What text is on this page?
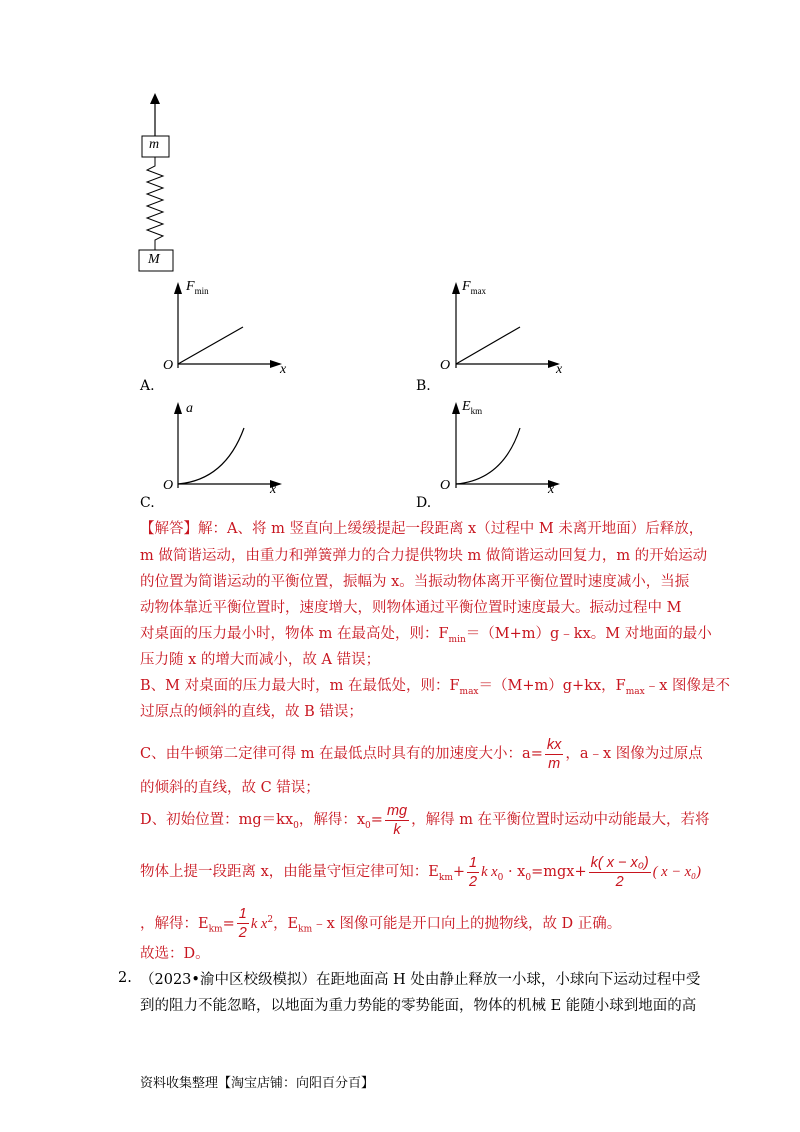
m
M
$F_{min}$
O	x
A.
$F_{max}$
O	x
B.
a
O	x
C.
$E_{km}$
O	x
D.
【解答】解：A、将 m 竖直向上缓缓提起一段距离 x（过程中 M 未离开地面）后释放，
m 做简谐运动，由重力和弹簧弹力的合力提供物块 m 做简谐运动回复力，m 的开始运动
的位置为简谐运动的平衡位置，振幅为 x。当振动物体离开平衡位置时速度减小，当振
动物体靠近平衡位置时，速度增大，则物体通过平衡位置时速度最大。振动过程中 M
对桌面的压力最小时，物体 m 在最高处，则：$F_{min}=(M+m)g﹣kx$。M 对地面的最小
压力随 x 的增大而减小，故 A 错误；
B、M 对桌面的压力最大时，m 在最低处，则：$F_{max}=(M+m)g+kx$，$F_{max}﹣x$ 图像是不
过原点的倾斜的直线，故 B 错误；
C、由牛顿第二定律可得 m 在最低点时具有的加速度大小：$a= \frac{kx}{m}$ ，a﹣x 图像为过原点
的倾斜的直线，故 C 错误；
D、初始位置：$mg=kx_0$，解得：$x_0= \frac{mg}{k}$ ，解得 m 在平衡位置时运动中动能最大，若将
物体上提一段距离 x，由能量守恒定律可知：$E_{km}+ \frac{1}{2}$ k $x_0 \cdot x_0=mgx+ \frac{\text{k( x − x₀)}}{2}$ ( x − x₀)
，解得：$E_{km}= \frac{1}{2}$ k $x^2$，$E_{km}﹣x$ 图像可能是开口向上的抛物线，故 D 正确。
故选：D。
2. （2023•渝中区校级模拟）在距地面高 H 处由静止释放一小球，小球向下运动过程中受
到的阻力不能忽略，以地面为重力势能的零势能面，物体的机械 E 能随小球到地面的高
资料收集整理【淘宝店铺：向阳百分百】
